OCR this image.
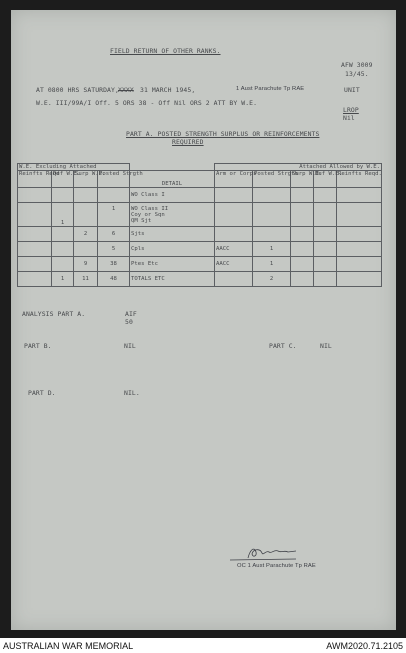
FIELD RETURN OF OTHER RANKS.
AFW 3009
13/45.
AT 0800 HRS SATURDAY, XXXX 31 MARCH 1945,	1 Aust Parachute Tp RAE	UNIT
W.E. III/99A/I Off. 5 ORS 38 - Off Nil ORS 2 ATT BY W.E.
LROP
Nil
PART A. POSTED STRENGTH SURPLUS OR REINFORCEMENTS
REQUIRED
W.E. Excluding Attached					Attached Allowed by W.E.				
Reinfts Reqd	Def W.E.	Surp W.E.	Posted Strgth	DETAIL	Arm or Corps	Posted Strgth	Surp W.E.	Def W.E.	Reinfts Reqd.
				WO Class I					
	1		1	WO Class II
Coy or Sqn
QM Sjt					

		2	6	Sjts					
			5	Cpls	AACC	1			
		9	38	Ptes Etc	AACC	1			
	1	11	48	TOTALS ETC		2			
ANALYSIS PART A.	AIF
50
PART B.	NIL	PART C.	NIL
PART D.	NIL.
OC 1 Aust Parachute Tp RAE
AUSTRALIAN WAR MEMORIAL	AWM2020.71.2105
